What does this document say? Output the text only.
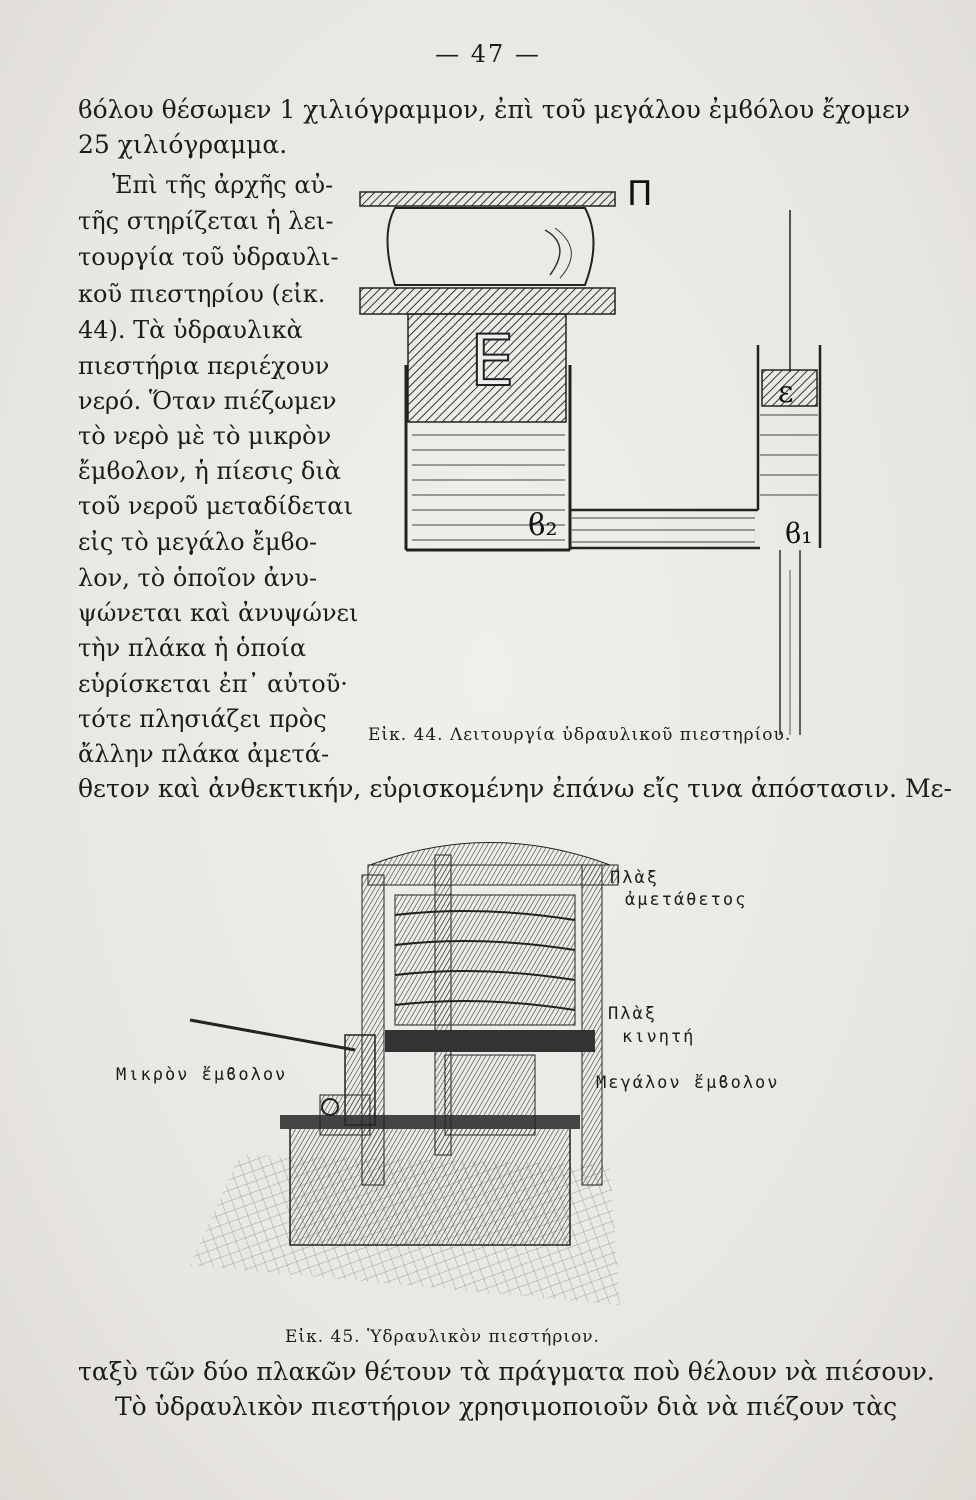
— 47 —
ϐόλου θέσωμεν 1 χιλιόγραμμον, ἐπὶ τοῦ μεγάλου ἐμϐόλου ἔχομεν
25 χιλιόγραμμα.
Ἐπὶ τῆς ἀρχῆς αὐ-
τῆς στηρίζεται ἡ λει-
τουργία τοῦ ὑδραυλι-
κοῦ πιεστηρίου (εἰκ.
44). Τὰ ὑδραυλικὰ
πιεστήρια περιέχουν
νερό. Ὅταν πιέζωμεν
τὸ νερὸ μὲ τὸ μικρὸν
ἔμϐολον, ἡ πίεσις διὰ
τοῦ νεροῦ μεταδίδεται
εἰς τὸ μεγάλο ἔμϐο-
λον, τὸ ὁποῖον ἀνυ-
ψώνεται καὶ ἀνυψώνει
τὴν πλάκα ἡ ὁποία
εὑρίσκεται ἐπ᾽ αὐτοῦ·
τότε πλησιάζει πρὸς
ἄλλην πλάκα ἀμετά-
θετον καὶ ἀνθεκτικήν, εὑρισκομένην ἐπάνω εἴς τινα ἀπόστασιν. Με-
Ε
Π
ε
ϐ₂	ϐ₁
Εἰκ. 44. Λειτουργία ὑδραυλικοῦ πιεστηρίου.
Πλὰξ
ἀμετάθετος
Πλὰξ
κινητή
Μικρὸν ἔμϐολον	Μεγάλον ἔμϐολον
Εἰκ. 45. Ὑδραυλικὸν πιεστήριον.
ταξὺ τῶν δύο πλακῶν θέτουν τὰ πράγματα ποὺ θέλουν νὰ πιέσουν.
Τὸ ὑδραυλικὸν πιεστήριον χρησιμοποιοῦν διὰ νὰ πιέζουν τὰς
